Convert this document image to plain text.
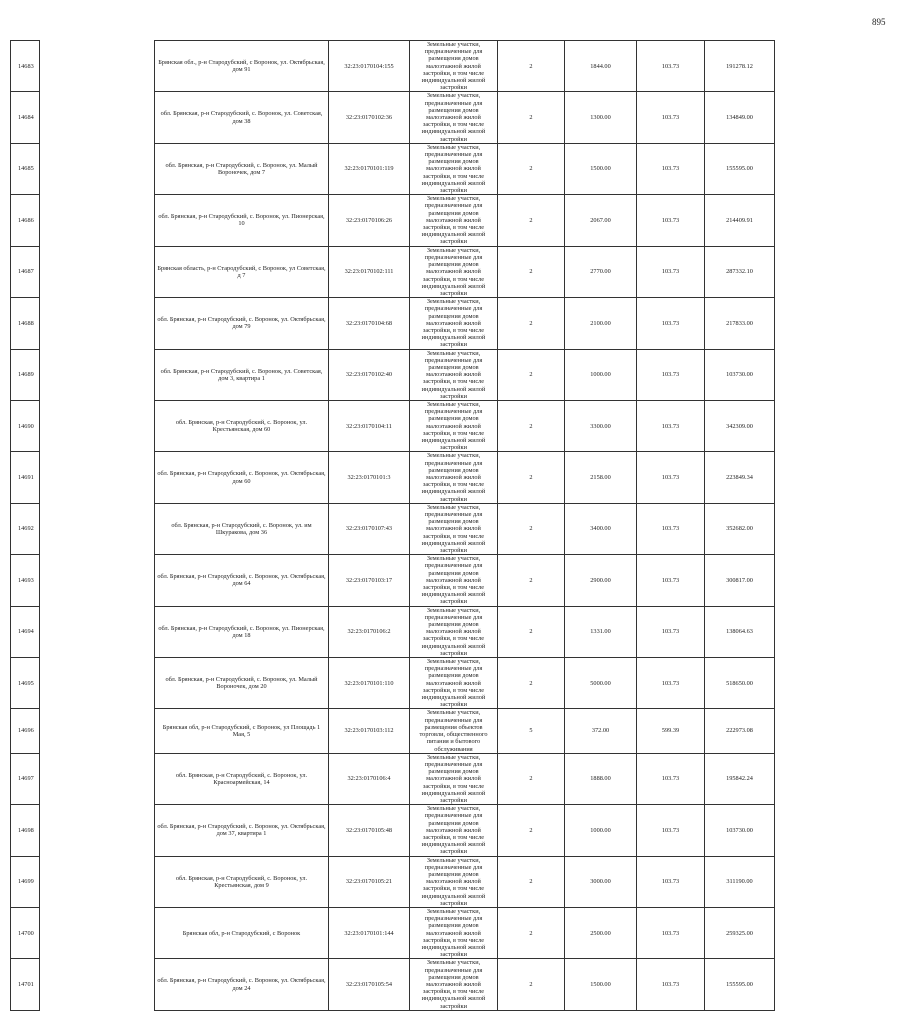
895
14683		Брянская обл., р-н Стародубский, с Воронок, ул. Октябрьская, дом 91	32:23:0170104:155	Земельные участки, предназначенные для размещения домов малоэтажной жилой застройки, в том числе индивидуальной жилой застройки	2	1844.00	103.73	191278.12
14684		обл. Брянская, р-н Стародубский, с. Воронок, ул. Советская, дом 38	32:23:0170102:36	Земельные участки, предназначенные для размещения домов малоэтажной жилой застройки, в том числе индивидуальной жилой застройки	2	1300.00	103.73	134849.00
14685		обл. Брянская, р-н Стародубский, с. Воронок, ул. Малый Вороночек, дом 7	32:23:0170101:119	Земельные участки, предназначенные для размещения домов малоэтажной жилой застройки, в том числе индивидуальной жилой застройки	2	1500.00	103.73	155595.00
14686		обл. Брянская, р-н Стародубский, с. Воронок, ул. Пионерская, 10	32:23:0170106:26	Земельные участки, предназначенные для размещения домов малоэтажной жилой застройки, в том числе индивидуальной жилой застройки	2	2067.00	103.73	214409.91
14687		Брянская область, р-н Стародубский, с Воронок, ул Советская, д 7	32:23:0170102:111	Земельные участки, предназначенные для размещения домов малоэтажной жилой застройки, в том числе индивидуальной жилой застройки	2	2770.00	103.73	287332.10
14688		обл. Брянская, р-н Стародубский, с. Воронок, ул. Октябрьская, дом 79	32:23:0170104:68	Земельные участки, предназначенные для размещения домов малоэтажной жилой застройки, в том числе индивидуальной жилой застройки	2	2100.00	103.73	217833.00
14689		обл. Брянская, р-н Стародубский, с. Воронок, ул. Советская, дом 3, квартира 1	32:23:0170102:40	Земельные участки, предназначенные для размещения домов малоэтажной жилой застройки, в том числе индивидуальной жилой застройки	2	1000.00	103.73	103730.00
14690		обл. Брянская, р-н Стародубский, с. Воронок, ул. Крестьянская, дом 60	32:23:0170104:11	Земельные участки, предназначенные для размещения домов малоэтажной жилой застройки, в том числе индивидуальной жилой застройки	2	3300.00	103.73	342309.00
14691		обл. Брянская, р-н Стародубский, с. Воронок, ул. Октябрьская, дом 60	32:23:0170101:3	Земельные участки, предназначенные для размещения домов малоэтажной жилой застройки, в том числе индивидуальной жилой застройки	2	2158.00	103.73	223849.34
14692		обл. Брянская, р-н Стародубский, с. Воронок, ул. им Шкуракова, дом 36	32:23:0170107:43	Земельные участки, предназначенные для размещения домов малоэтажной жилой застройки, в том числе индивидуальной жилой застройки	2	3400.00	103.73	352682.00
14693		обл. Брянская, р-н Стародубский, с. Воронок, ул. Октябрьская, дом 64	32:23:0170103:17	Земельные участки, предназначенные для размещения домов малоэтажной жилой застройки, в том числе индивидуальной жилой застройки	2	2900.00	103.73	300817.00
14694		обл. Брянская, р-н Стародубский, с. Воронок, ул. Пионерская, дом 18	32:23:0170106:2	Земельные участки, предназначенные для размещения домов малоэтажной жилой застройки, в том числе индивидуальной жилой застройки	2	1331.00	103.73	138064.63
14695		обл. Брянская, р-н Стародубский, с. Воронок, ул. Малый Вороночек, дом 20	32:23:0170101:110	Земельные участки, предназначенные для размещения домов малоэтажной жилой застройки, в том числе индивидуальной жилой застройки	2	5000.00	103.73	518650.00
14696		Брянская обл, р-н Стародубский, с Воронок, ул Площадь 1 Мая, 5	32:23:0170103:112	Земельные участки, предназначенные для размещения объектов торговли, общественного питания и бытового обслуживания	5	372.00	599.39	222973.08
14697		обл. Брянская, р-н Стародубский, с. Воронок, ул. Красноармейская, 14	32:23:0170106:4	Земельные участки, предназначенные для размещения домов малоэтажной жилой застройки, в том числе индивидуальной жилой застройки	2	1888.00	103.73	195842.24
14698		обл. Брянская, р-н Стародубский, с. Воронок, ул. Октябрьская, дом 37, квартира 1	32:23:0170105:48	Земельные участки, предназначенные для размещения домов малоэтажной жилой застройки, в том числе индивидуальной жилой застройки	2	1000.00	103.73	103730.00
14699		обл. Брянская, р-н Стародубский, с. Воронок, ул. Крестьянская, дом 9	32:23:0170105:21	Земельные участки, предназначенные для размещения домов малоэтажной жилой застройки, в том числе индивидуальной жилой застройки	2	3000.00	103.73	311190.00
14700		Брянская обл, р-н Стародубский, с Воронок	32:23:0170101:144	Земельные участки, предназначенные для размещения домов малоэтажной жилой застройки, в том числе индивидуальной жилой застройки	2	2500.00	103.73	259325.00
14701		обл. Брянская, р-н Стародубский, с. Воронок, ул. Октябрьская, дом 24	32:23:0170105:54	Земельные участки, предназначенные для размещения домов малоэтажной жилой застройки, в том числе индивидуальной жилой застройки	2	1500.00	103.73	155595.00
